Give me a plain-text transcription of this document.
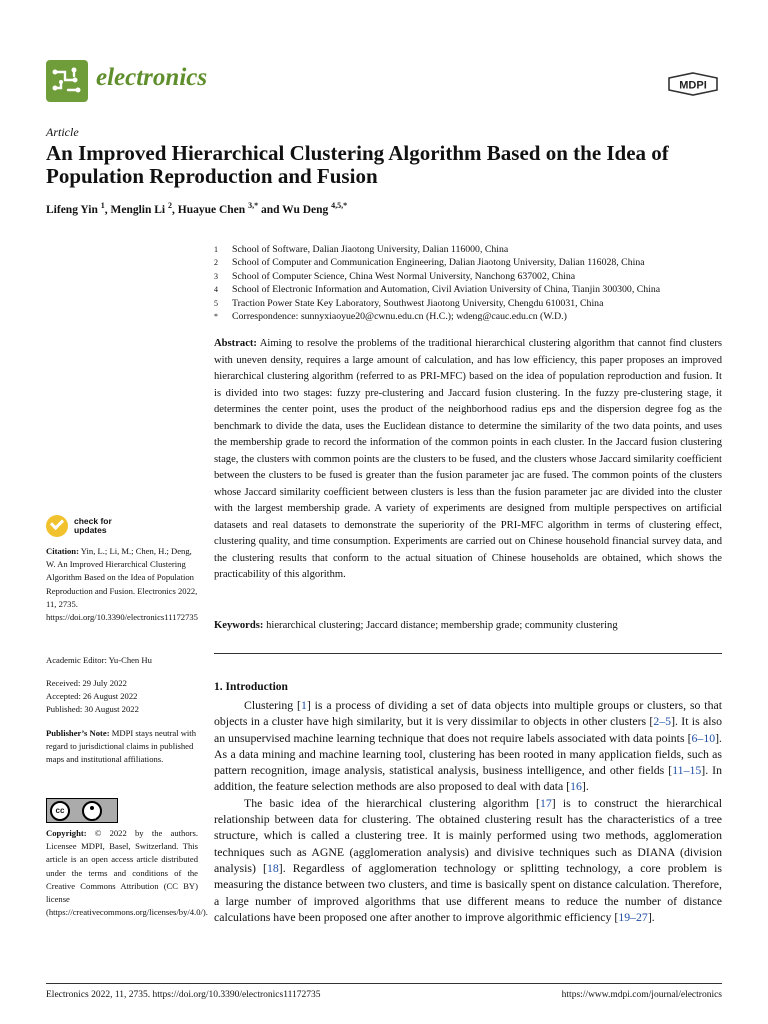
electronics	MDPI
Article
An Improved Hierarchical Clustering Algorithm Based on the Idea of Population Reproduction and Fusion
Lifeng Yin $^1$, Menglin Li $^2$, Huayue Chen $^{3,*}$ and Wu Deng $^{4,5,*}$
1	School of Software, Dalian Jiaotong University, Dalian 116000, China
2	School of Computer and Communication Engineering, Dalian Jiaotong University, Dalian 116028, China
3	School of Computer Science, China West Normal University, Nanchong 637002, China
4	School of Electronic Information and Automation, Civil Aviation University of China, Tianjin 300300, China
5	Traction Power State Key Laboratory, Southwest Jiaotong University, Chengdu 610031, China
*	Correspondence: sunnyxiaoyue20@cwnu.edu.cn (H.C.); wdeng@cauc.edu.cn (W.D.)
Abstract: Aiming to resolve the problems of the traditional hierarchical clustering algorithm that cannot find clusters with uneven density, requires a large amount of calculation, and has low efficiency, this paper proposes an improved hierarchical clustering algorithm (referred to as PRI-MFC) based on the idea of population reproduction and fusion. It is divided into two stages: fuzzy pre-clustering and Jaccard fusion clustering. In the fuzzy pre-clustering stage, it determines the center point, uses the product of the neighborhood radius eps and the dispersion degree fog as the benchmark to divide the data, uses the Euclidean distance to determine the similarity of the two data points, and uses the membership grade to record the information of the common points in each cluster. In the Jaccard fusion clustering stage, the clusters with common points are the clusters to be fused, and the clusters whose Jaccard similarity coefficient between the clusters to be fused is greater than the fusion parameter jac are fused. The common points of the clusters whose Jaccard similarity coefficient between clusters is less than the fusion parameter jac are divided into the cluster with the largest membership grade. A variety of experiments are designed from multiple perspectives on artificial datasets and real datasets to demonstrate the superiority of the PRI-MFC algorithm in terms of clustering effect, clustering quality, and time consumption. Experiments are carried out on Chinese household financial survey data, and the clustering results that conform to the actual situation of Chinese households are obtained, which shows the practicability of this algorithm.
Keywords: hierarchical clustering; Jaccard distance; membership grade; community clustering
check for
updates
Citation: Yin, L.; Li, M.; Chen, H.; Deng, W. An Improved Hierarchical Clustering Algorithm Based on the Idea of Population Reproduction and Fusion. Electronics 2022, 11, 2735. https://doi.org/10.3390/electronics11172735
Academic Editor: Yu-Chen Hu
Received: 29 July 2022
Accepted: 26 August 2022
Published: 30 August 2022
Publisher’s Note: MDPI stays neutral with regard to jurisdictional claims in published maps and institutional affiliations.
cc
BY
Copyright: © 2022 by the authors. Licensee MDPI, Basel, Switzerland. This article is an open access article distributed under the terms and conditions of the Creative Commons Attribution (CC BY) license (https://creativecommons.org/licenses/by/4.0/).
1. Introduction

Clustering [1] is a process of dividing a set of data objects into multiple groups or clusters, so that objects in a cluster have high similarity, but it is very dissimilar to objects in other clusters [2–5]. It is also an unsupervised machine learning technique that does not require labels associated with data points [6–10]. As a data mining and machine learning tool, clustering has been rooted in many application fields, such as pattern recognition, image analysis, statistical analysis, business intelligence, and other fields [11–15]. In addition, the feature selection methods are also proposed to deal with data [16].

The basic idea of the hierarchical clustering algorithm [17] is to construct the hierarchical relationship between data for clustering. The obtained clustering result has the characteristics of a tree structure, which is called a clustering tree. It is mainly performed using two methods, agglomeration techniques such as AGNE (agglomeration analysis) and divisive techniques such as DIANA (division analysis) [18]. Regardless of agglomeration technology or splitting technology, a core problem is measuring the distance between two clusters, and time is basically spent on distance calculation. Therefore, a large number of improved algorithms that use different means to reduce the number of distance calculations have been proposed one after another to improve algorithmic efficiency [19–27].

Electronics 2022, 11, 2735. https://doi.org/10.3390/electronics11172735	https://www.mdpi.com/journal/electronics
